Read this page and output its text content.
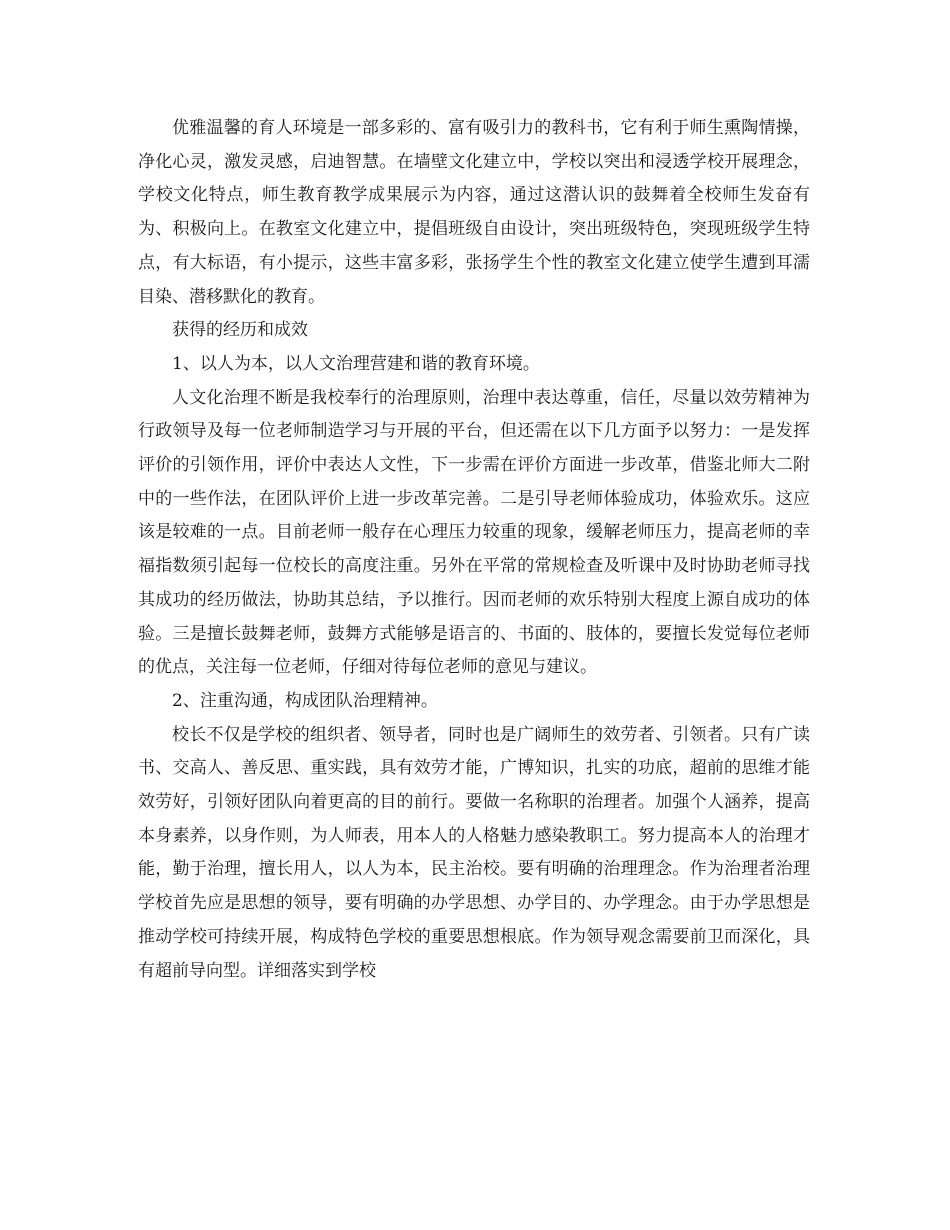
优雅温馨的育人环境是一部多彩的、富有吸引力的教科书，它有利于师生熏陶情操，净化心灵，激发灵感，启迪智慧。在墙壁文化建立中，学校以突出和浸透学校开展理念，学校文化特点，师生教育教学成果展示为内容，通过这潜认识的鼓舞着全校师生发奋有为、积极向上。在教室文化建立中，提倡班级自由设计，突出班级特色，突现班级学生特点，有大标语，有小提示，这些丰富多彩，张扬学生个性的教室文化建立使学生遭到耳濡目染、潜移默化的教育。

获得的经历和成效

1、以人为本，以人文治理营建和谐的教育环境。

人文化治理不断是我校奉行的治理原则，治理中表达尊重，信任，尽量以效劳精神为行政领导及每一位老师制造学习与开展的平台，但还需在以下几方面予以努力：一是发挥评价的引领作用，评价中表达人文性，下一步需在评价方面进一步改革，借鉴北师大二附中的一些作法，在团队评价上进一步改革完善。二是引导老师体验成功，体验欢乐。这应该是较难的一点。目前老师一般存在心理压力较重的现象，缓解老师压力，提高老师的幸福指数须引起每一位校长的高度注重。另外在平常的常规检查及听课中及时协助老师寻找其成功的经历做法，协助其总结，予以推行。因而老师的欢乐特别大程度上源自成功的体验。三是擅长鼓舞老师，鼓舞方式能够是语言的、书面的、肢体的，要擅长发觉每位老师的优点，关注每一位老师，仔细对待每位老师的意见与建议。

2、注重沟通，构成团队治理精神。

校长不仅是学校的组织者、领导者，同时也是广阔师生的效劳者、引领者。只有广读书、交高人、善反思、重实践，具有效劳才能，广博知识，扎实的功底，超前的思维才能效劳好，引领好团队向着更高的目的前行。要做一名称职的治理者。加强个人涵养，提高本身素养，以身作则，为人师表，用本人的人格魅力感染教职工。努力提高本人的治理才能，勤于治理，擅长用人，以人为本，民主治校。要有明确的治理理念。作为治理者治理学校首先应是思想的领导，要有明确的办学思想、办学目的、办学理念。由于办学思想是推动学校可持续开展，构成特色学校的重要思想根底。作为领导观念需要前卫而深化，具有超前导向型。详细落实到学校
